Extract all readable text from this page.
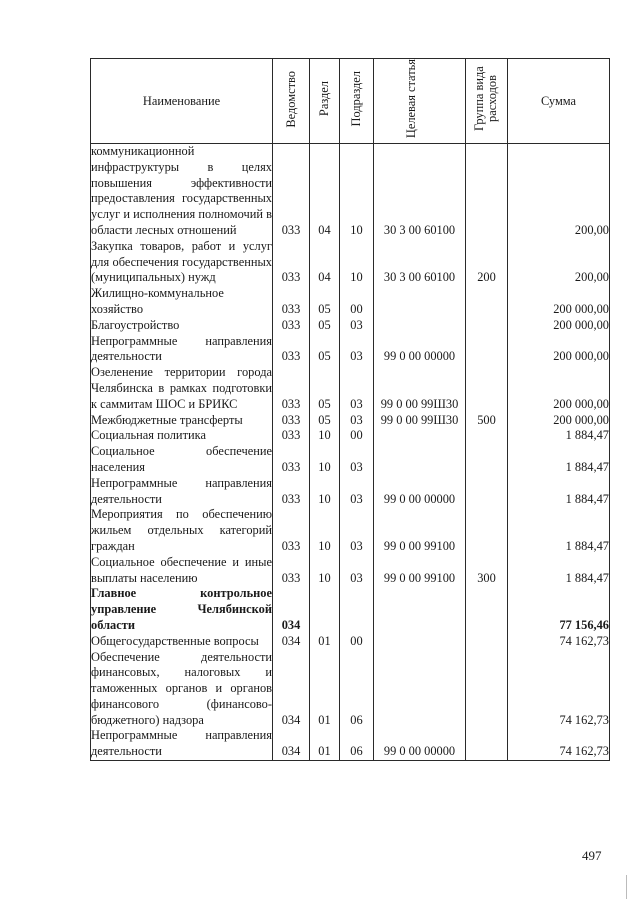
Наименование	Ведомство	Раздел	Подраздел	Целевая статья	Группа вида расходов	Сумма
коммуникационной инфраструктуры в целях повышения эффективности предоставления государственных услуг и исполнения полномочий в области лесных отношений	033	04	10	30 3 00 60100		200,00
Закупка товаров, работ и услуг для обеспечения государственных (муниципальных) нужд	033	04	10	30 3 00 60100	200	200,00
Жилищно-коммунальное хозяйство	033	05	00			200 000,00
Благоустройство	033	05	03			200 000,00
Непрограммные направления деятельности	033	05	03	99 0 00 00000		200 000,00
Озеленение территории города Челябинска в рамках подготовки к саммитам ШОС и БРИКС	033	05	03	99 0 00 99Ш30		200 000,00
Межбюджетные трансферты	033	05	03	99 0 00 99Ш30	500	200 000,00
Социальная политика	033	10	00			1 884,47
Социальное обеспечение населения	033	10	03			1 884,47
Непрограммные направления деятельности	033	10	03	99 0 00 00000		1 884,47
Мероприятия по обеспечению жильем отдельных категорий граждан	033	10	03	99 0 00 99100		1 884,47
Социальное обеспечение и иные выплаты населению	033	10	03	99 0 00 99100	300	1 884,47
Главное контрольное управление Челябинской области	034					77 156,46
Общегосударственные вопросы	034	01	00			74 162,73
Обеспечение деятельности финансовых, налоговых и таможенных органов и органов финансового (финансово-бюджетного) надзора	034	01	06			74 162,73
Непрограммные направления деятельности	034	01	06	99 0 00 00000		74 162,73
497
